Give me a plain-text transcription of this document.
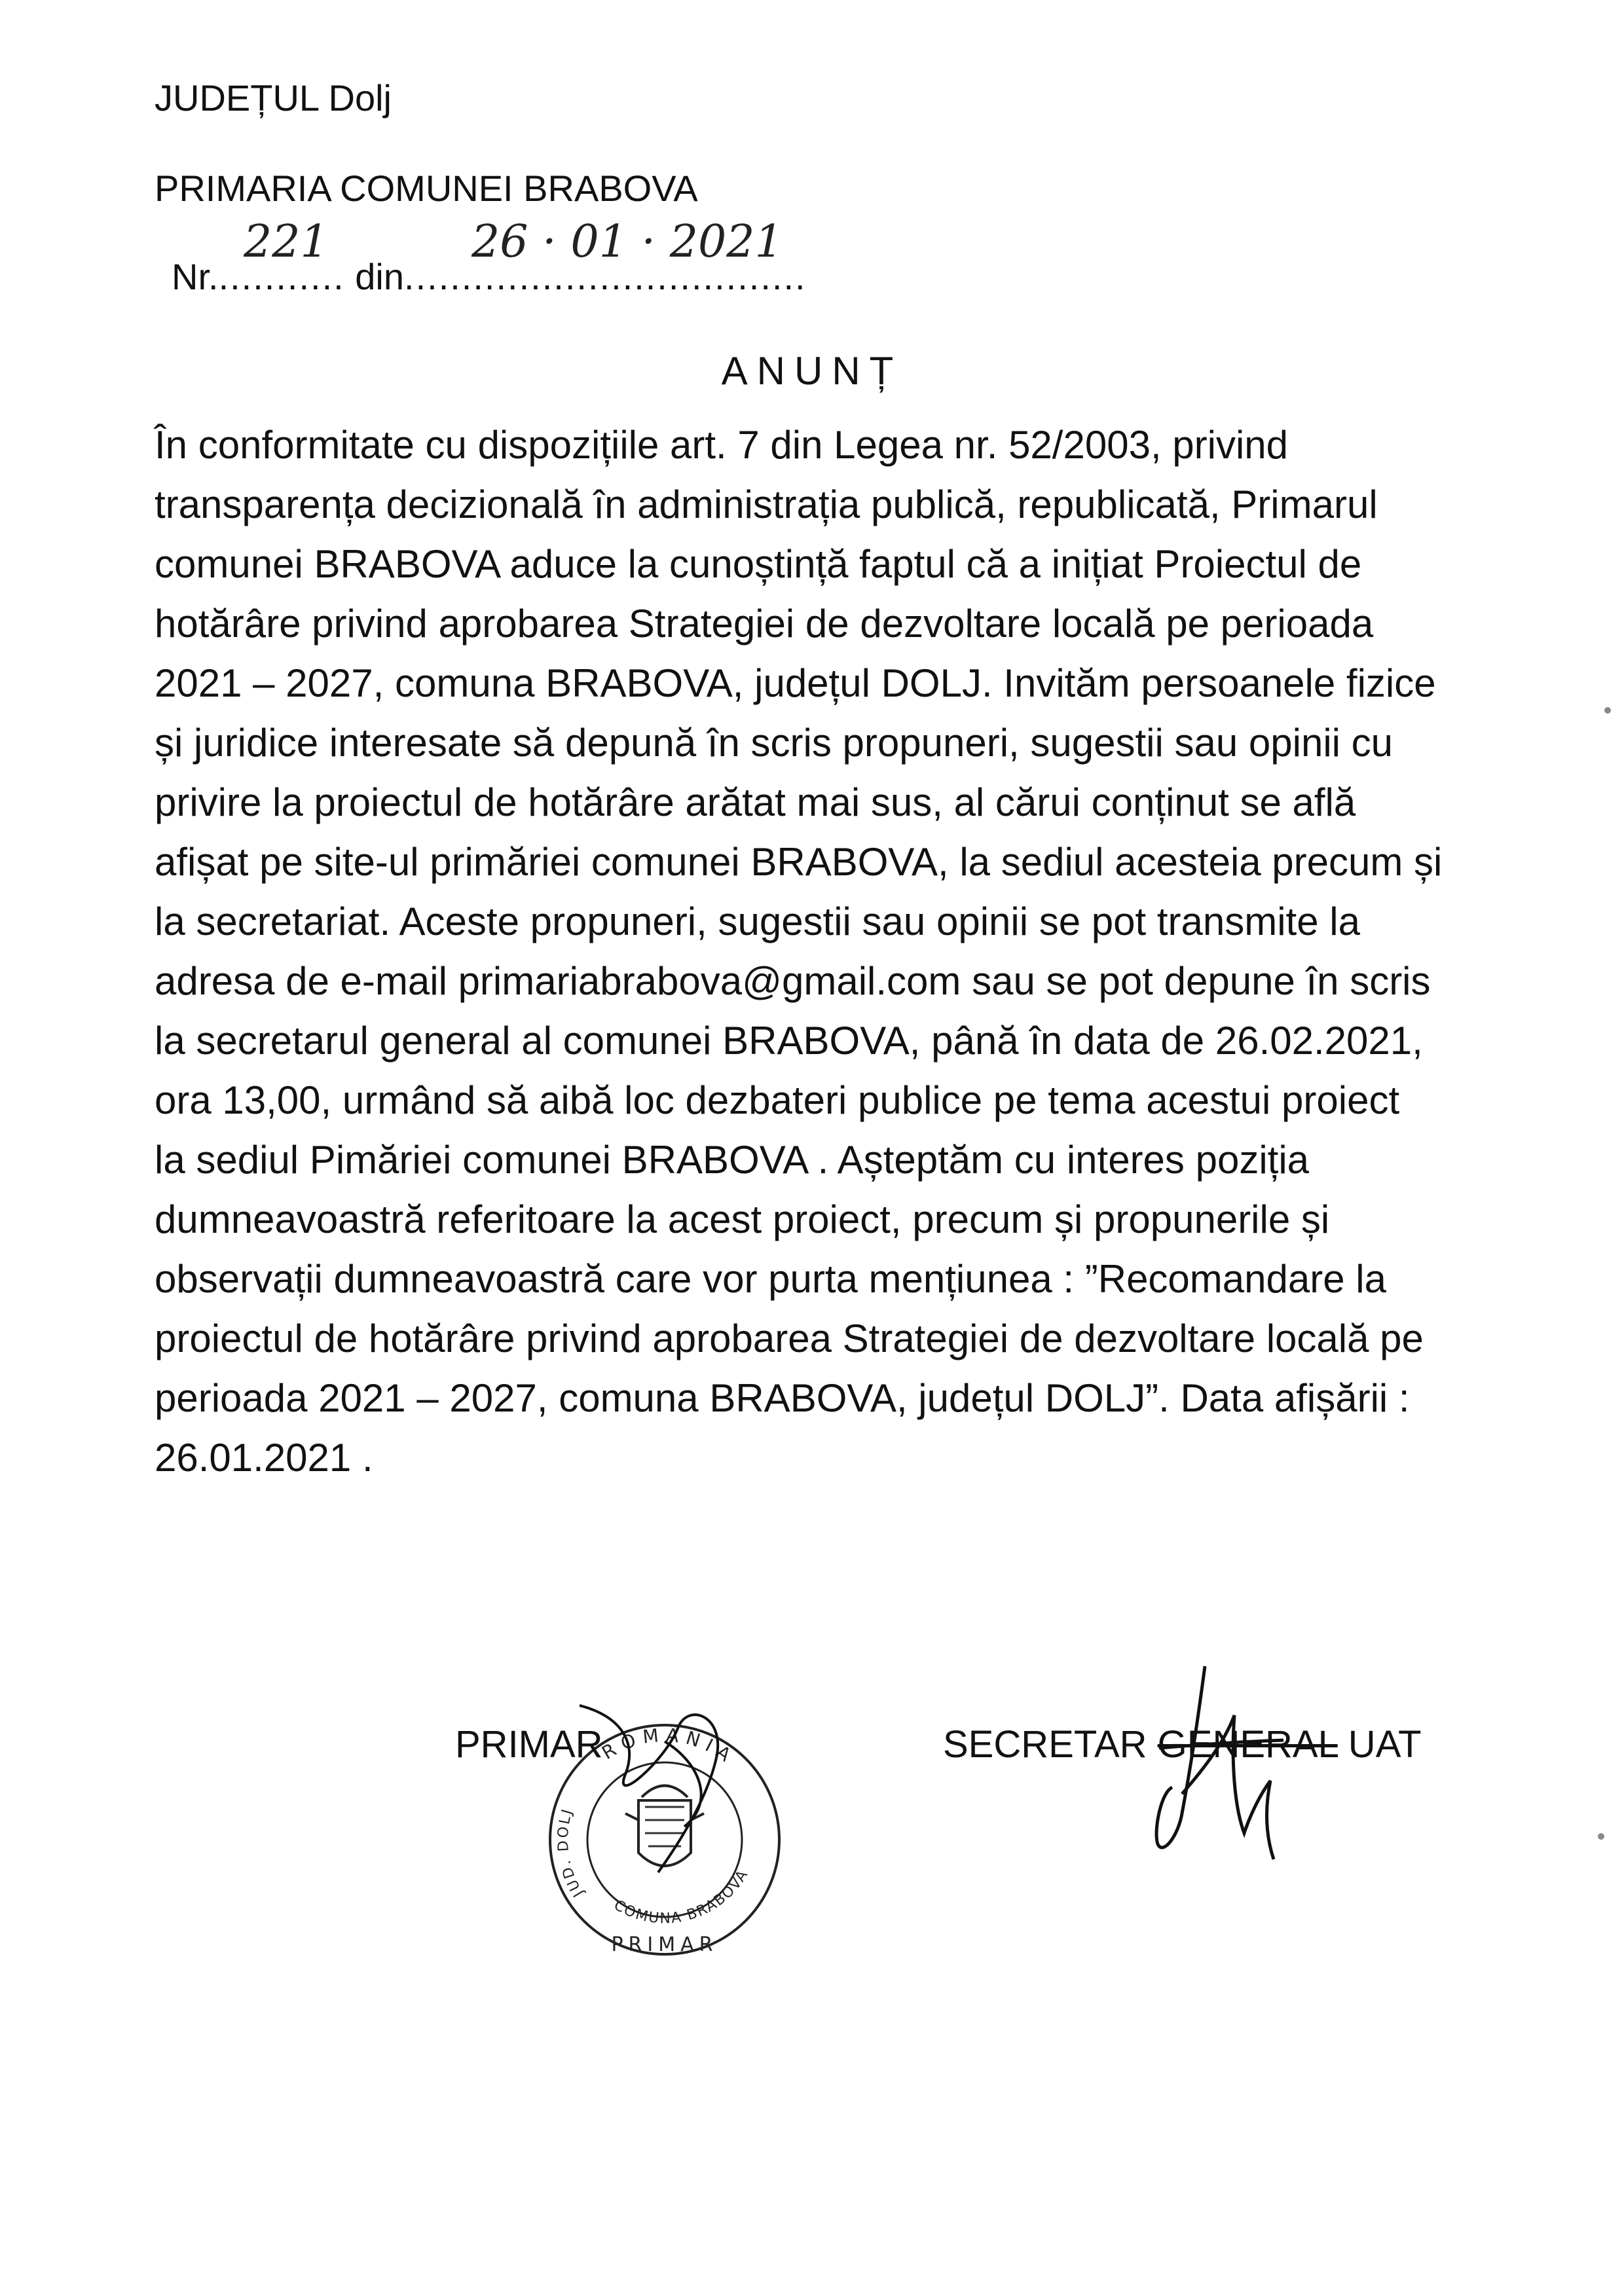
JUDEȚUL Dolj
PRIMARIA COMUNEI BRABOVA
Nr............ din...................................
221	26 · 01 · 2021
ANUNȚ
În conformitate cu dispozițiile art. 7 din Legea nr. 52/2003, privind
transparența decizională în administrația publică, republicată, Primarul
comunei BRABOVA aduce la cunoștință faptul că a inițiat Proiectul de
hotărâre privind aprobarea Strategiei de dezvoltare locală pe perioada
2021 – 2027, comuna BRABOVA, județul DOLJ. Invităm persoanele fizice
și juridice interesate să depună în scris propuneri, sugestii sau opinii cu
privire la proiectul de hotărâre arătat mai sus, al cărui conținut se află
afișat pe site-ul primăriei comunei BRABOVA, la sediul acesteia precum și
la secretariat. Aceste propuneri, sugestii sau opinii se pot transmite la
adresa de e-mail primariabrabova@gmail.com sau se pot depune în scris
la secretarul general al comunei BRABOVA, până în data de 26.02.2021,
ora 13,00, urmând să aibă loc dezbateri publice pe tema acestui proiect
la sediul Pimăriei comunei BRABOVA . Așteptăm cu interes poziția
dumneavoastră referitoare la acest proiect, precum și propunerile și
observații dumneavoastră care vor purta mențiunea : ”Recomandare la
proiectul de hotărâre privind aprobarea Strategiei de dezvoltare locală pe
perioada 2021 – 2027, comuna BRABOVA, județul DOLJ”. Data afișării :
26.01.2021 .
ROMÂNIA
JUD. DOLJ
COMUNA BRABOVA
PRIMAR
PRIMAR	SECRETAR GENERAL UAT
